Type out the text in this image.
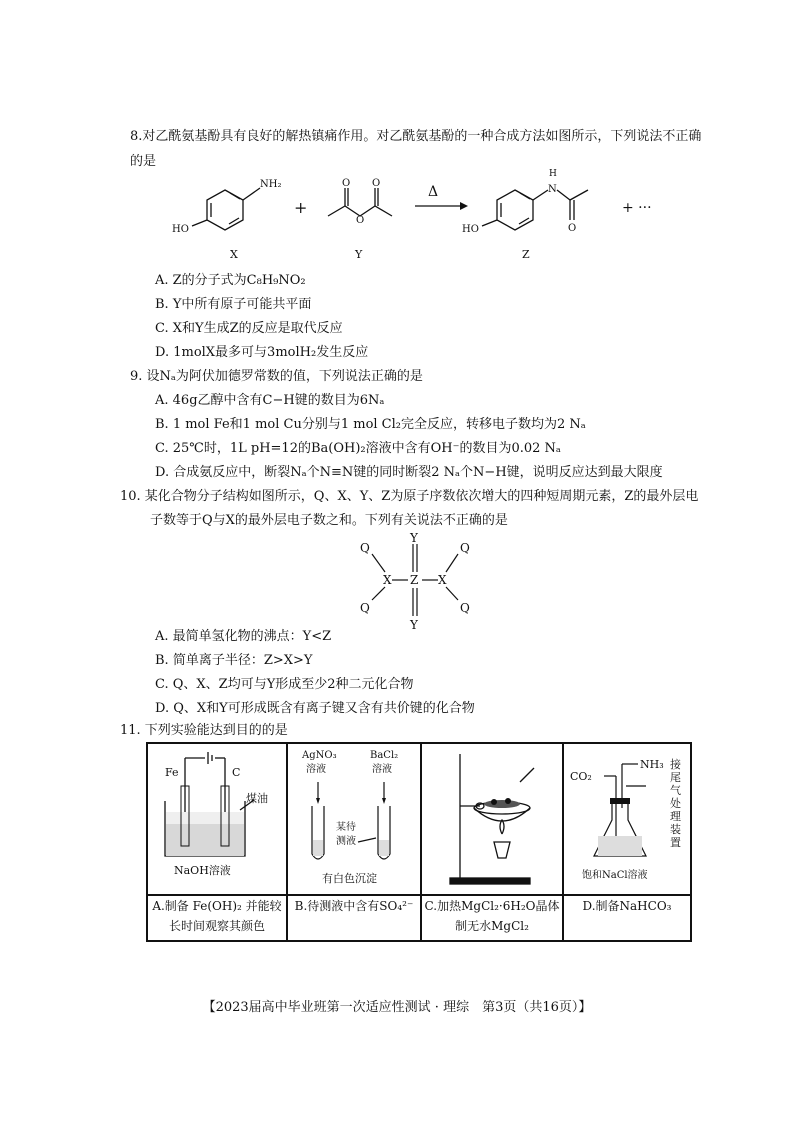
8.对乙酰氨基酚具有良好的解热镇痛作用。对乙酰氨基酚的一种合成方法如图所示，下列说法不正确
的是
NH₂
HO
+
O O
O
Δ
H
N
O
HO
+ ···
X	Y	Z
A. Z的分子式为C₈H₉NO₂
B. Y中所有原子可能共平面
C. X和Y生成Z的反应是取代反应
D. 1molX最多可与3molH₂发生反应
9. 设Nₐ为阿伏加德罗常数的值，下列说法正确的是
A. 46g乙醇中含有C−H键的数目为6Nₐ
B. 1 mol Fe和1 mol Cu分别与1 mol Cl₂完全反应，转移电子数均为2 Nₐ
C. 25℃时，1L pH=12的Ba(OH)₂溶液中含有OH⁻的数目为0.02 Nₐ
D. 合成氨反应中，断裂Nₐ个N≡N键的同时断裂2 Nₐ个N−H键，说明反应达到最大限度
10. 某化合物分子结构如图所示，Q、X、Y、Z为原子序数依次增大的四种短周期元素，Z的最外层电
子数等于Q与X的最外层电子数之和。下列有关说法不正确的是
Q
Q
X Z X
Q
Q
Y
Y
A. 最简单氢化物的沸点：Y<Z
B. 简单离子半径：Z>X>Y
C. Q、X、Z均可与Y形成至少2种二元化合物
D. Q、X和Y可形成既含有离子键又含有共价键的化合物
11. 下列实验能达到目的的是
Fe	C
煤油
NaOH溶液
A.制备 Fe(OH)₂ 并能较
长时间观察其颜色
AgNO₃
溶液
BaCl₂
溶液
某待
测液
有白色沉淀
B.待测液中含有SO₄²⁻ C.加热MgCl₂·6H₂O晶体
制无水MgCl₂
CO₂
NH₃
饱和NaCl溶液
接尾气处理装置
D.制备NaHCO₃
【2023届高中毕业班第一次适应性测试 · 理综　第3页（共16页）】
